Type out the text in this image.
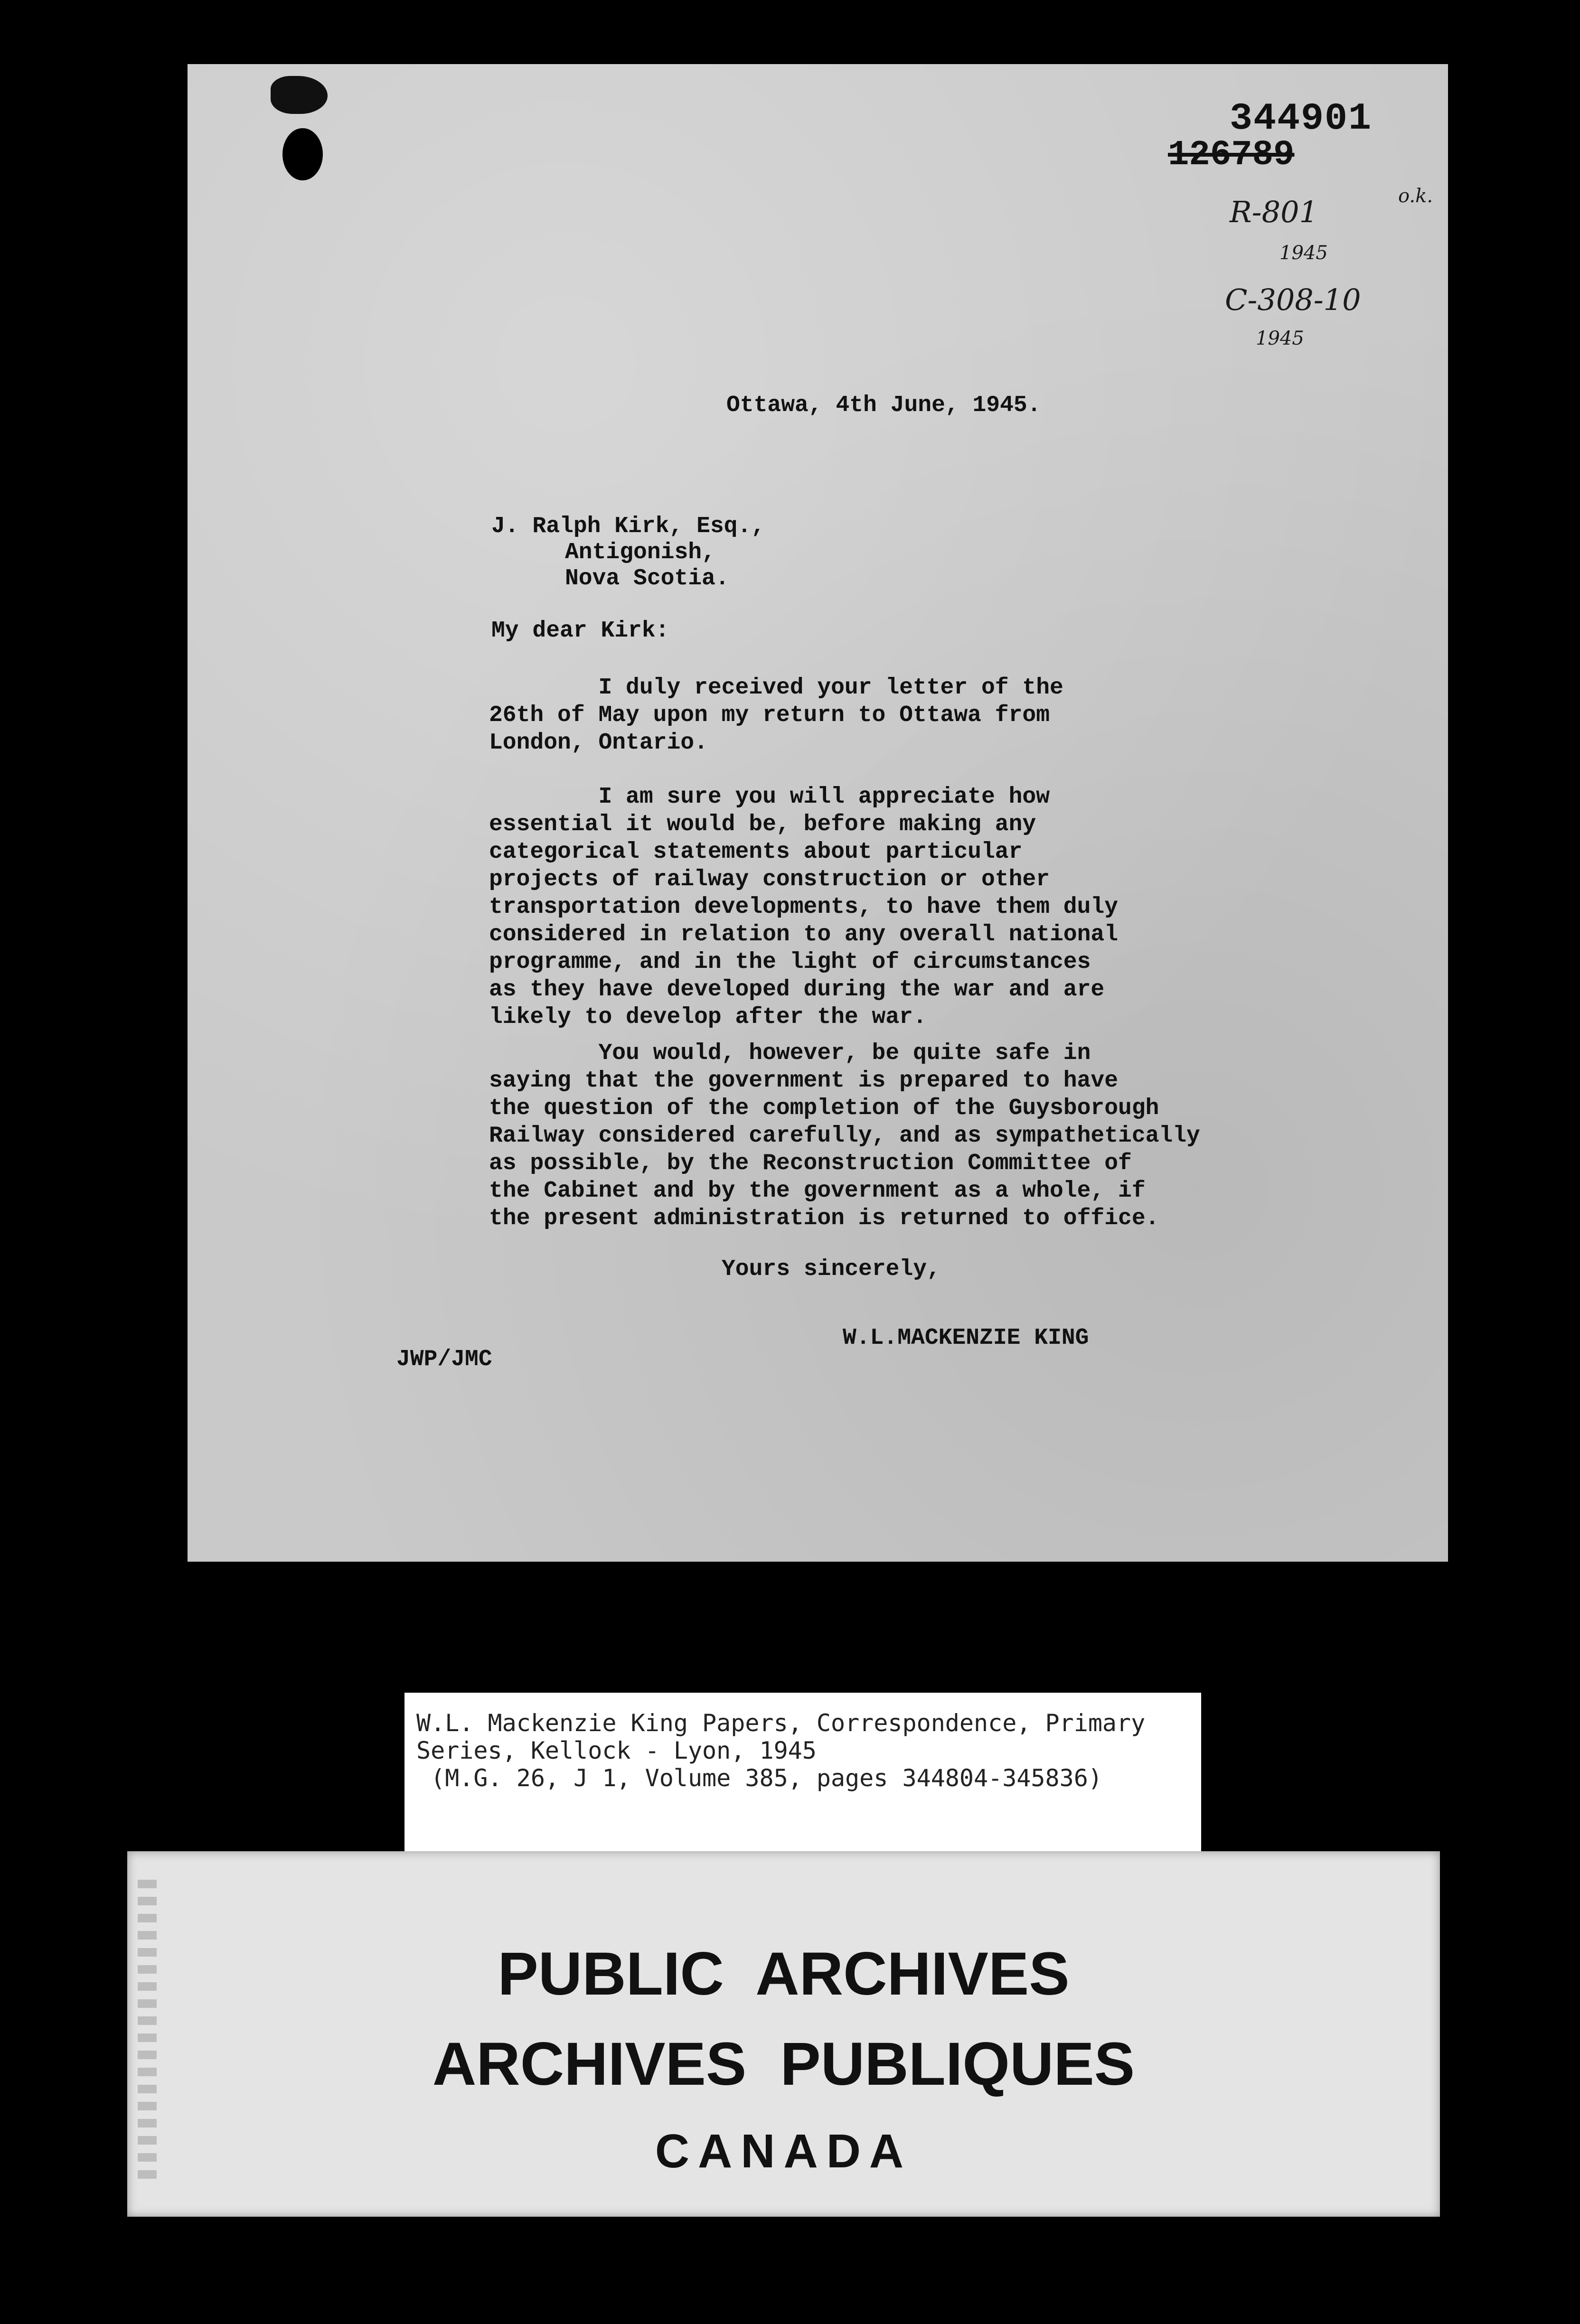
344901
126789
R-801	o.k.
1945
C-308-10
1945
Ottawa, 4th June, 1945.
J. Ralph Kirk, Esq.,
Antigonish,
Nova Scotia.
My dear Kirk:
I duly received your letter of the
26th of May upon my return to Ottawa from
London, Ontario.
I am sure you will appreciate how
essential it would be, before making any
categorical statements about particular
projects of railway construction or other
transportation developments, to have them duly
considered in relation to any overall national
programme, and in the light of circumstances
as they have developed during the war and are
likely to develop after the war.
You would, however, be quite safe in
saying that the government is prepared to have
the question of the completion of the Guysborough
Railway considered carefully, and as sympathetically
as possible, by the Reconstruction Committee of
the Cabinet and by the government as a whole, if
the present administration is returned to office.
Yours sincerely,
W.L.MACKENZIE KING
JWP/JMC
W.L. Mackenzie King Papers, Correspondence, Primary
Series, Kellock - Lyon, 1945
(M.G. 26, J 1, Volume 385, pages 344804-345836)
PUBLIC  ARCHIVES
ARCHIVES  PUBLIQUES
CANADA
